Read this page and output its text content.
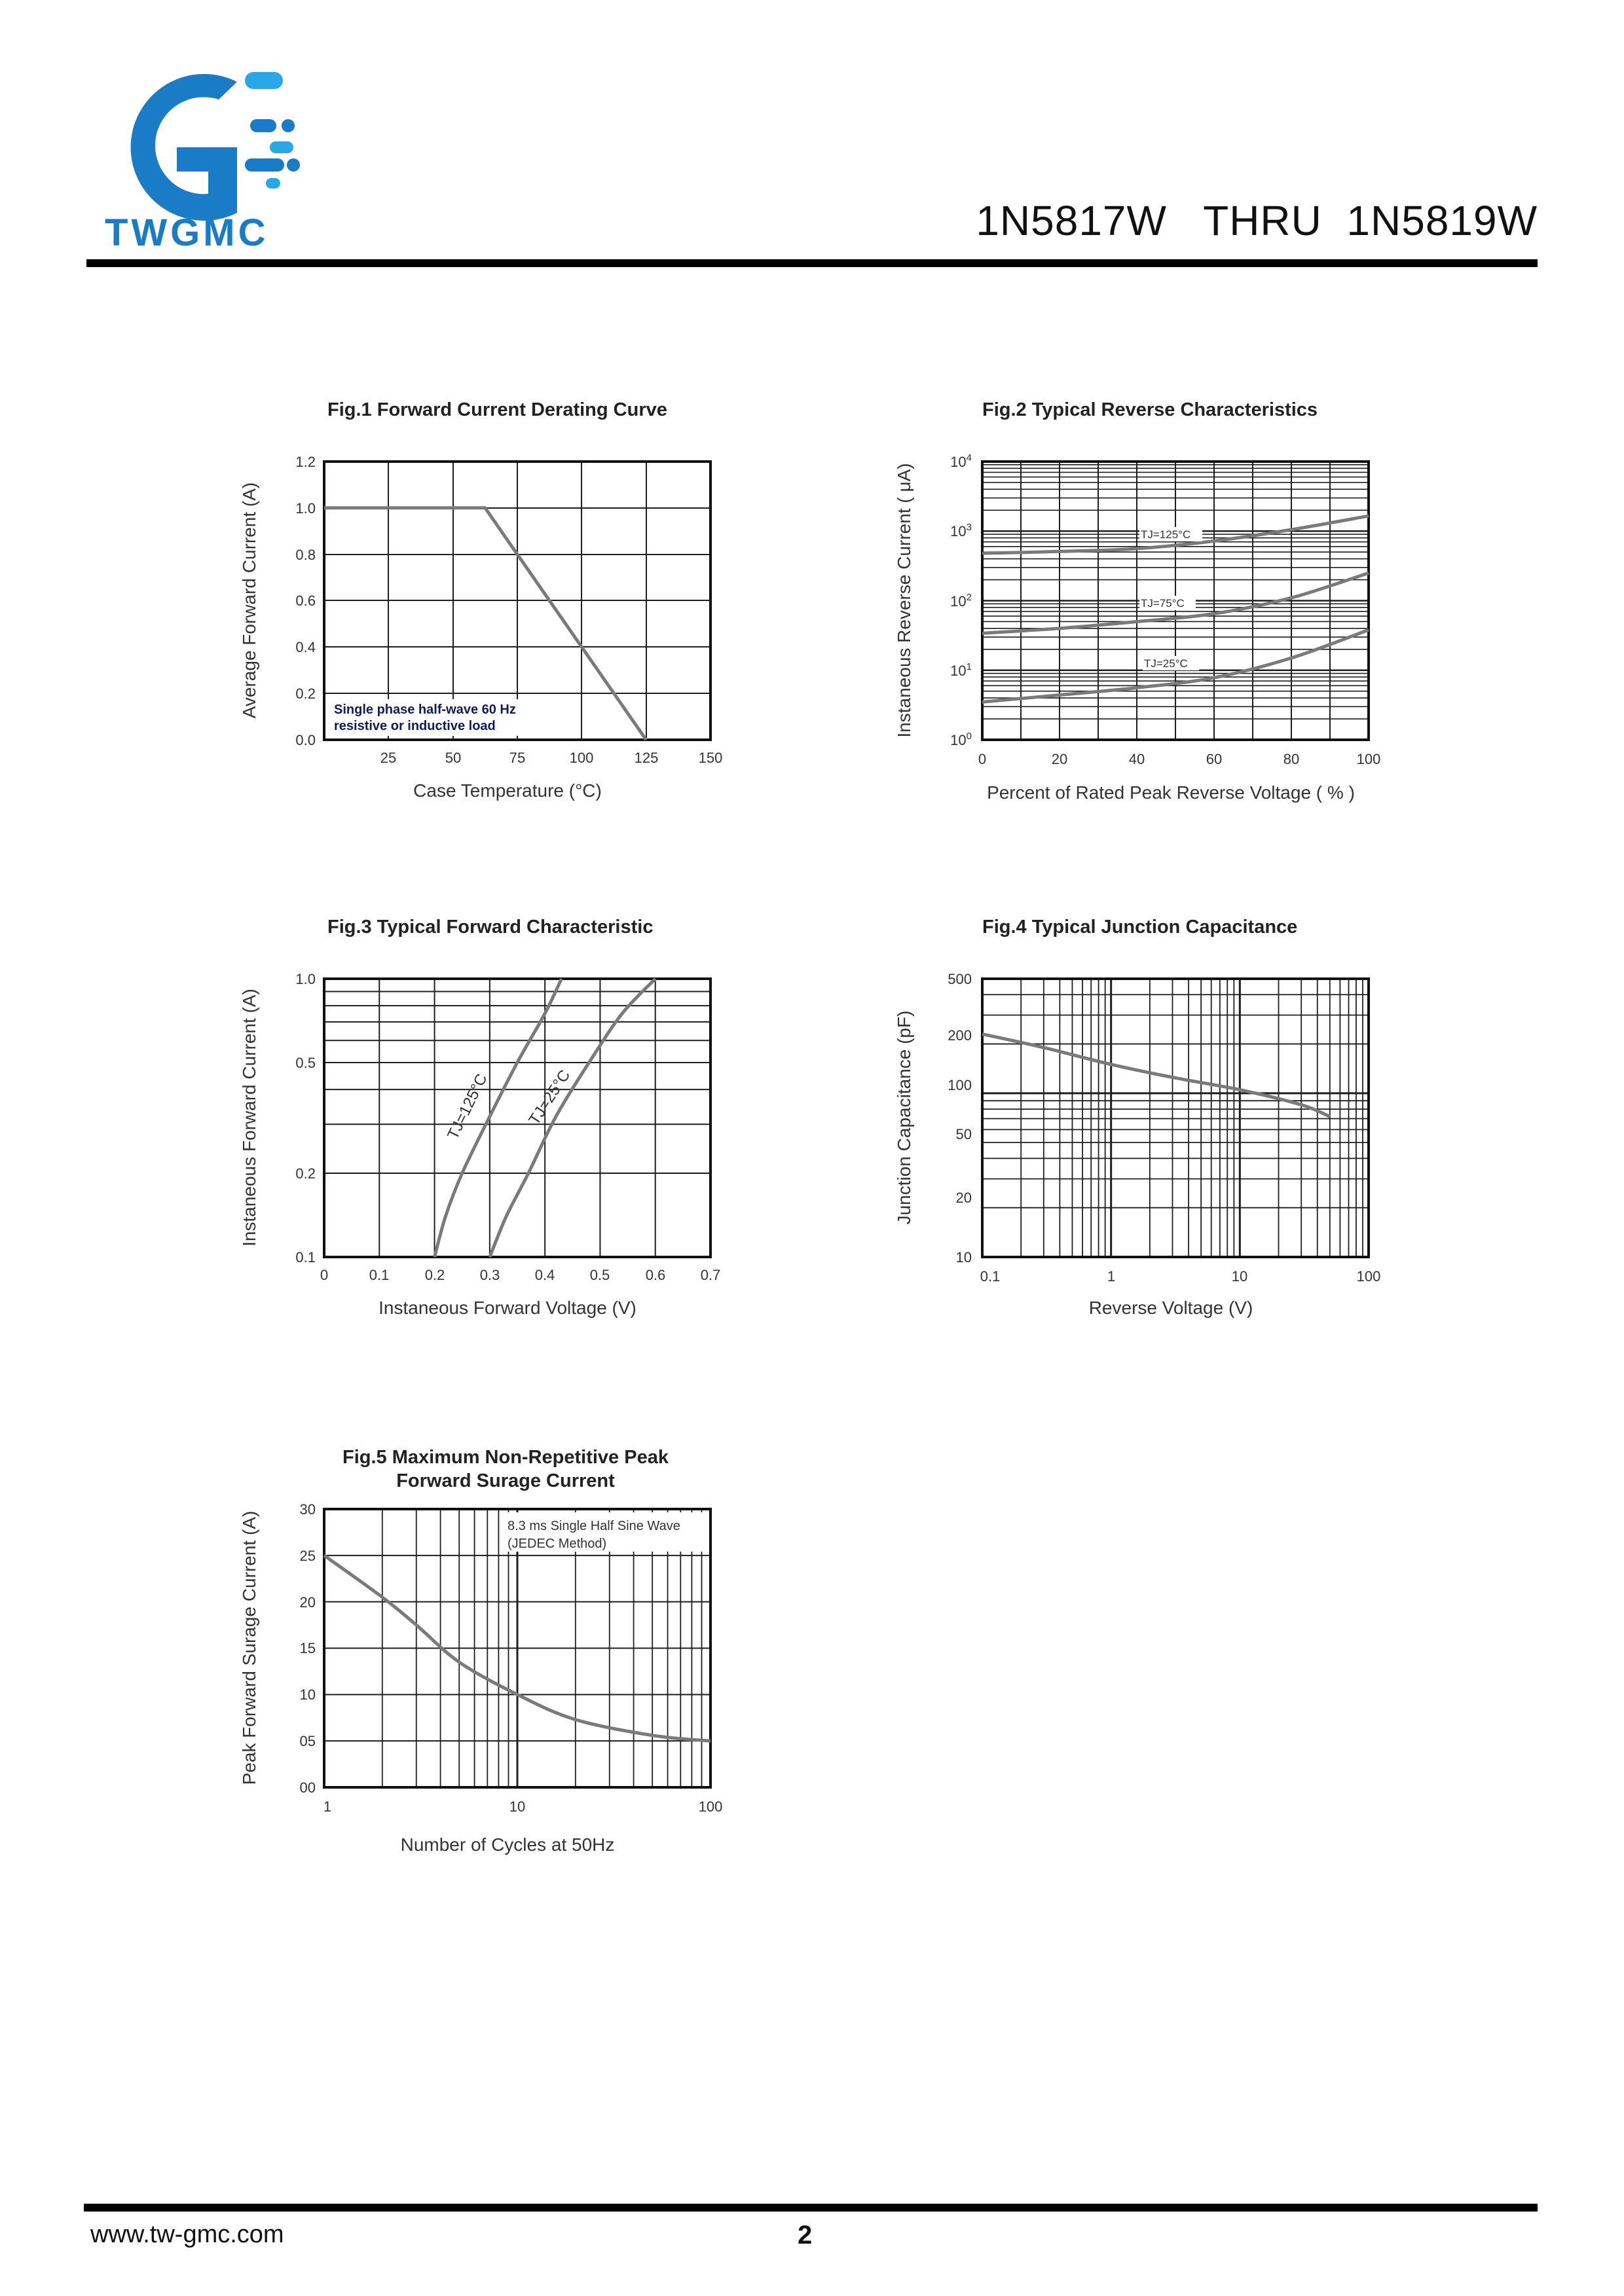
TWGMC	1N5817W   THRU  1N5819W
Fig.1 Forward Current Derating Curve
Single phase half-wave 60 Hz
resistive or inductive load
0.0
0.2
0.4
0.6
0.8
1.0
1.2
25	50	75	100	125	150
Case Temperature (°C)
Average Forward Current (A)
Fig.2 Typical Reverse Characteristics
TJ=125°C
TJ=75°C
TJ=25°C
$10^0$
$10^1$
$10^2$
$10^3$
$10^4$
0	20	40	60	80	100
Percent of Rated Peak Reverse Voltage ( % )
Instaneous Reverse Current ( μA)
Fig.3 Typical Forward Characteristic
TJ=125°C TJ=25°C
0.1
0.2
0.5
1.0
0	0.1 0.2 0.3 0.4 0.5 0.6 0.7
Instaneous Forward Voltage (V)
Instaneous Forward Current (A)
Fig.4 Typical Junction Capacitance
10
20
50
100
200
500
0.1	1	10	100
Reverse Voltage (V)
Junction Capacitance (pF)
Fig.5 Maximum Non-Repetitive Peak
Forward Surage Current
8.3 ms Single Half Sine Wave
(JEDEC Method)
00
05
10
15
20
25
30
1	10	100
Number of Cycles at 50Hz
Peak Forward Surage Current (A)
www.tw-gmc.com	2
